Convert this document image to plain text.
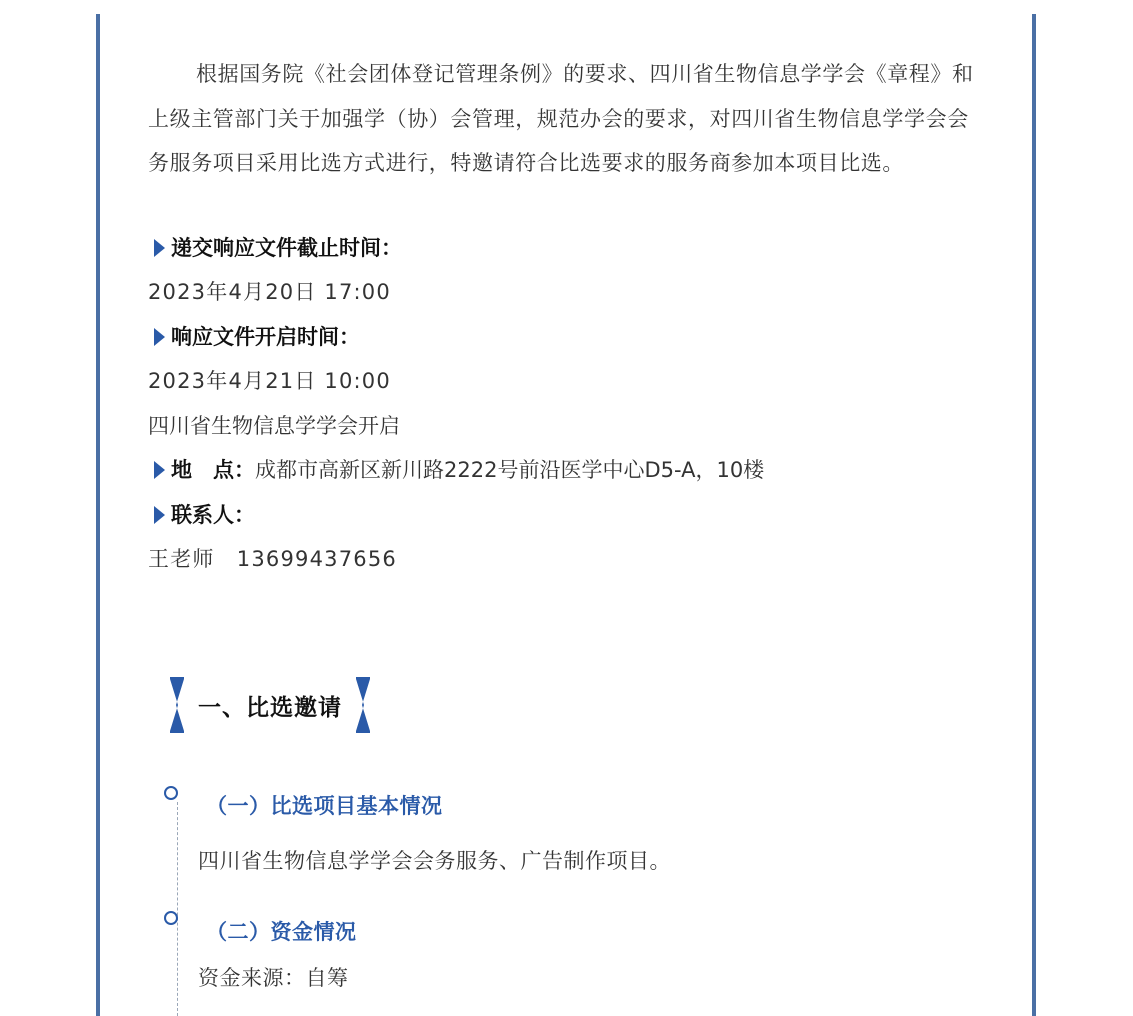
根据国务院《社会团体登记管理条例》的要求、四川省生物信息学学会《章程》和上级主管部门关于加强学（协）会管理，规范办会的要求，对四川省生物信息学学会会务服务项目采用比选方式进行，特邀请符合比选要求的服务商参加本项目比选。

递交响应文件截止时间：
2023年4月20日 17:00
响应文件开启时间：
2023年4月21日 10:00
四川省生物信息学学会开启
地　点： 成都市高新区新川路2222号前沿医学中心D5-A，10楼
联系人：
王老师　13699437656
一、比选邀请
（一）比选项目基本情况
四川省生物信息学学会会务服务、广告制作项目。
（二）资金情况
资金来源：自筹
